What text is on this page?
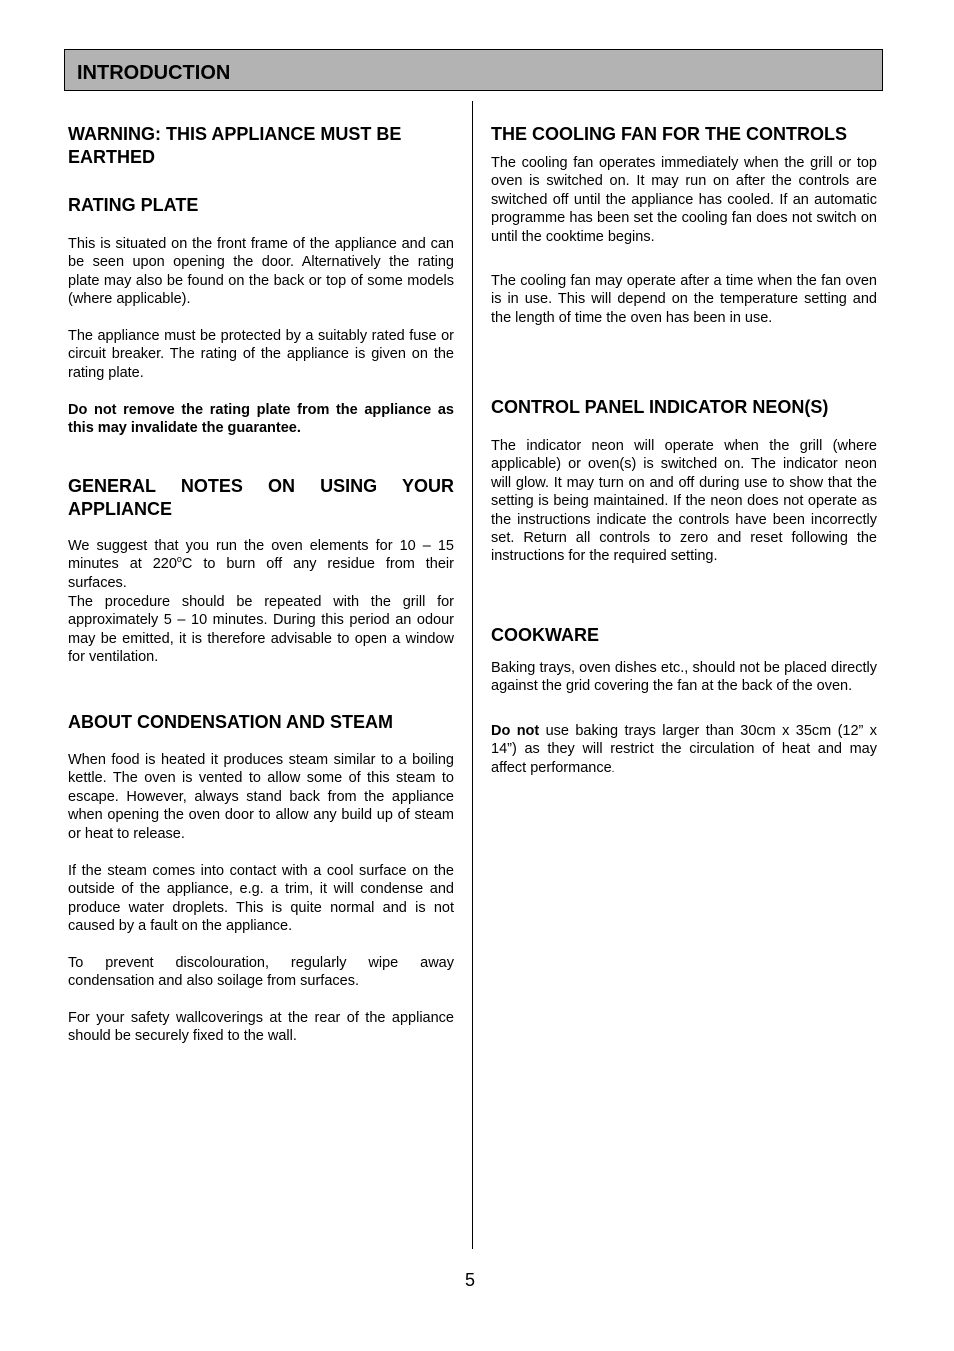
INTRODUCTION
WARNING: THIS APPLIANCE MUST BE EARTHED
RATING PLATE

This is situated on the front frame of the appliance and can be seen upon opening the door. Alternatively the rating plate may also be found on the back or top of some models (where applicable).

The appliance must be protected by a suitably rated fuse or circuit breaker. The rating of the appliance is given on the rating plate.

Do not remove the rating plate from the appliance as this may invalidate the guarantee.

GENERAL NOTES ON USING YOUR
APPLIANCE

We suggest that you run the oven elements for 10 – 15 minutes at 220$^o$C to burn off any residue from their surfaces.

The procedure should be repeated with the grill for approximately 5 – 10 minutes. During this period an odour may be emitted, it is therefore advisable to open a window for ventilation.

ABOUT CONDENSATION AND STEAM

When food is heated it produces steam similar to a boiling kettle. The oven is vented to allow some of this steam to escape. However, always stand back from the appliance when opening the oven door to allow any build up of steam or heat to release.

If the steam comes into contact with a cool surface on the outside of the appliance, e.g. a trim, it will condense and produce water droplets. This is quite normal and is not caused by a fault on the appliance.

To prevent discolouration, regularly wipe away condensation and also soilage from surfaces.

For your safety wallcoverings at the rear of the appliance should be securely fixed to the wall.

THE COOLING FAN FOR THE CONTROLS

The cooling fan operates immediately when the grill or top oven is switched on. It may run on after the controls are switched off until the appliance has cooled. If an automatic programme has been set the cooling fan does not switch on until the cooktime begins.

The cooling fan may operate after a time when the fan oven is in use. This will depend on the temperature setting and the length of time the oven has been in use.

CONTROL PANEL INDICATOR NEON(S)

The indicator neon will operate when the grill (where applicable) or oven(s) is switched on. The indicator neon will glow. It may turn on and off during use to show that the setting is being maintained. If the neon does not operate as the instructions indicate the controls have been incorrectly set. Return all controls to zero and reset following the instructions for the required setting.

COOKWARE

Baking trays, oven dishes etc., should not be placed directly against the grid covering the fan at the back of the oven.

Do not use baking trays larger than 30cm x 35cm (12” x 14”) as they will restrict the circulation of heat and may affect performance.

5
